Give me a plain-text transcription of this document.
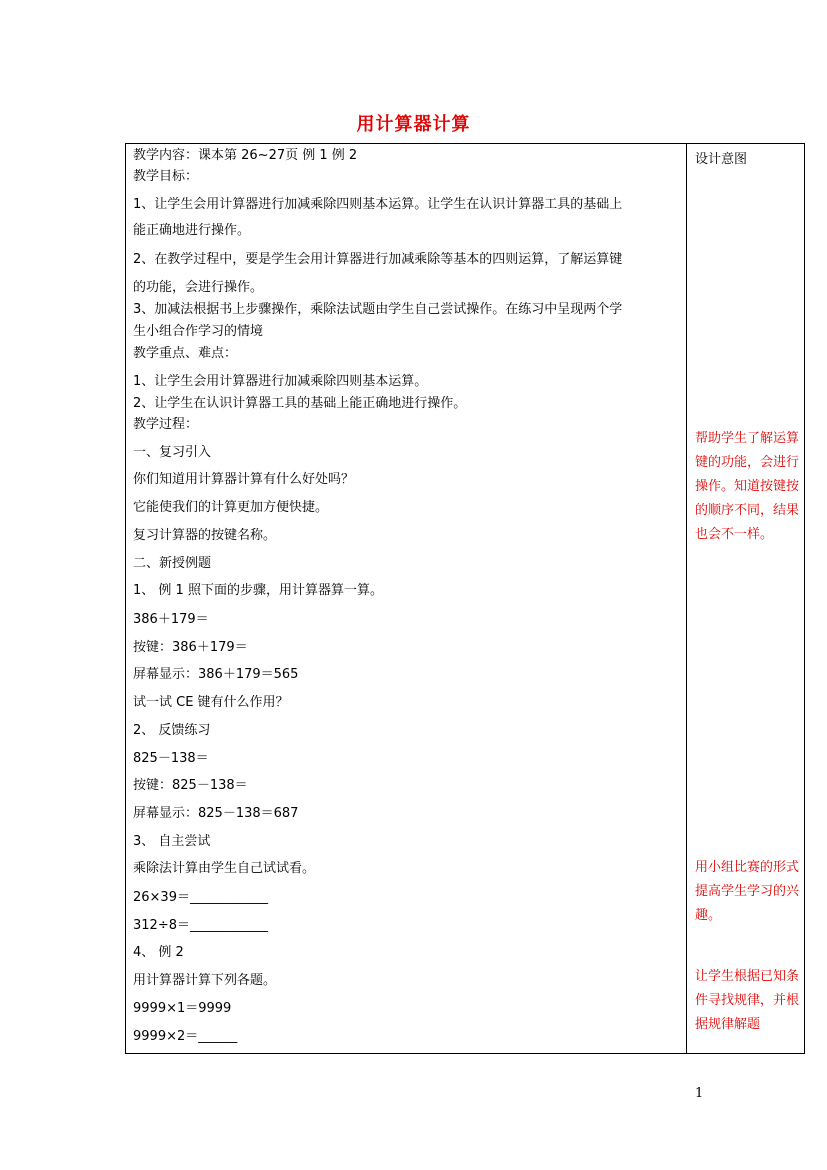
用计算器计算
教学内容：课本第 26~27页 例 1 例 2
教学目标：
1、让学生会用计算器进行加减乘除四则基本运算。让学生在认识计算器工具的基础上
能正确地进行操作。
2、在教学过程中，要是学生会用计算器进行加减乘除等基本的四则运算，了解运算键
的功能，会进行操作。
3、加减法根据书上步骤操作，乘除法试题由学生自己尝试操作。在练习中呈现两个学
生小组合作学习的情境
教学重点、难点：
1、让学生会用计算器进行加减乘除四则基本运算。
2、让学生在认识计算器工具的基础上能正确地进行操作。
教学过程：
一、复习引入
你们知道用计算器计算有什么好处吗？
它能使我们的计算更加方便快捷。
复习计算器的按键名称。
二、新授例题
1、 例 1 照下面的步骤，用计算器算一算。
386＋179＝
按键：386＋179＝
屏幕显示：386＋179＝565
试一试 CE 键有什么作用？
2、 反馈练习
825－138＝
按键：825－138＝
屏幕显示：825－138＝687
3、 自主尝试
乘除法计算由学生自己试试看。
26×39＝____________
312÷8＝____________
4、 例 2
用计算器计算下列各题。
9999×1＝9999
9999×2＝______
设计意图
帮助学生了解运算键的功能，会进行操作。知道按键按的顺序不同，结果也会不一样。
用小组比赛的形式提高学生学习的兴趣。
让学生根据已知条件寻找规律，并根据规律解题
1
